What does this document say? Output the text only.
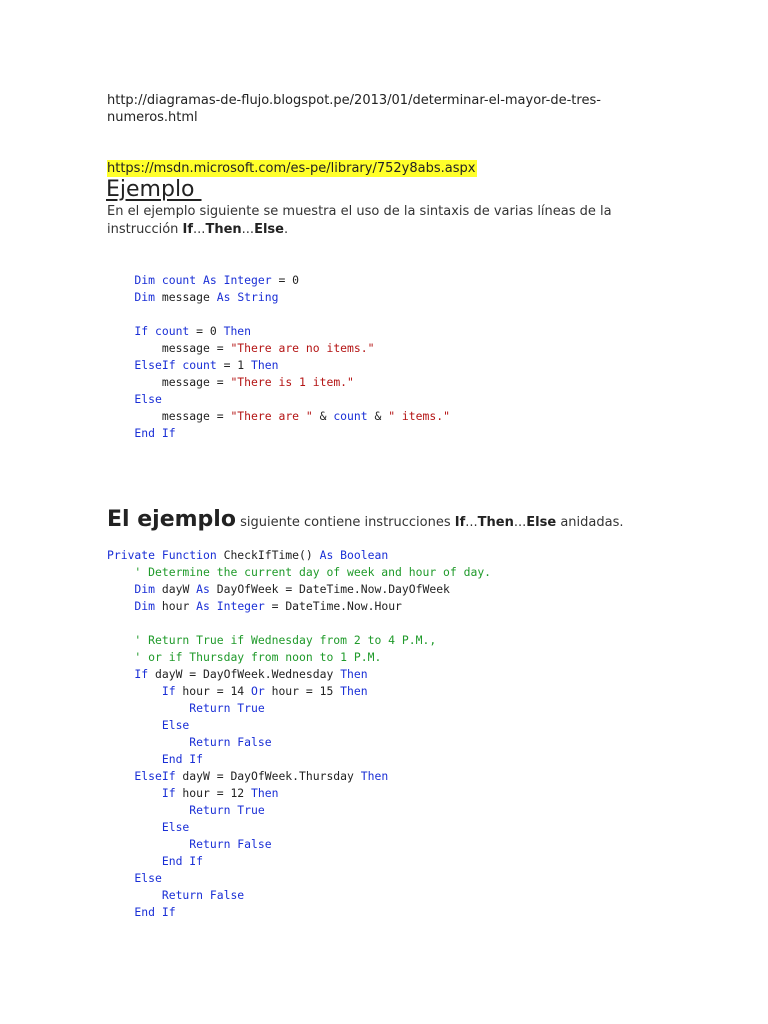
http://diagramas-de-flujo.blogspot.pe/2013/01/determinar-el-mayor-de-tres-numeros.html
https://msdn.microsoft.com/es-pe/library/752y8abs.aspx
Ejemplo
En el ejemplo siguiente se muestra el uso de la sintaxis de varias líneas de la instrucción If...Then...Else.
Dim count As Integer = 0
Dim message As String

If count = 0 Then
message = "There are no items."
ElseIf count = 1 Then
message = "There is 1 item."
Else
message = "There are " & count & " items."
End If

El ejemplo siguiente contiene instrucciones If...Then...Else anidadas.
Private Function CheckIfTime() As Boolean
' Determine the current day of week and hour of day.
Dim dayW As DayOfWeek = DateTime.Now.DayOfWeek
Dim hour As Integer = DateTime.Now.Hour

' Return True if Wednesday from 2 to 4 P.M.,
' or if Thursday from noon to 1 P.M.
If dayW = DayOfWeek.Wednesday Then
If hour = 14 Or hour = 15 Then
Return True
Else
Return False
End If
ElseIf dayW = DayOfWeek.Thursday Then
If hour = 12 Then
Return True
Else
Return False
End If
Else
Return False
End If
